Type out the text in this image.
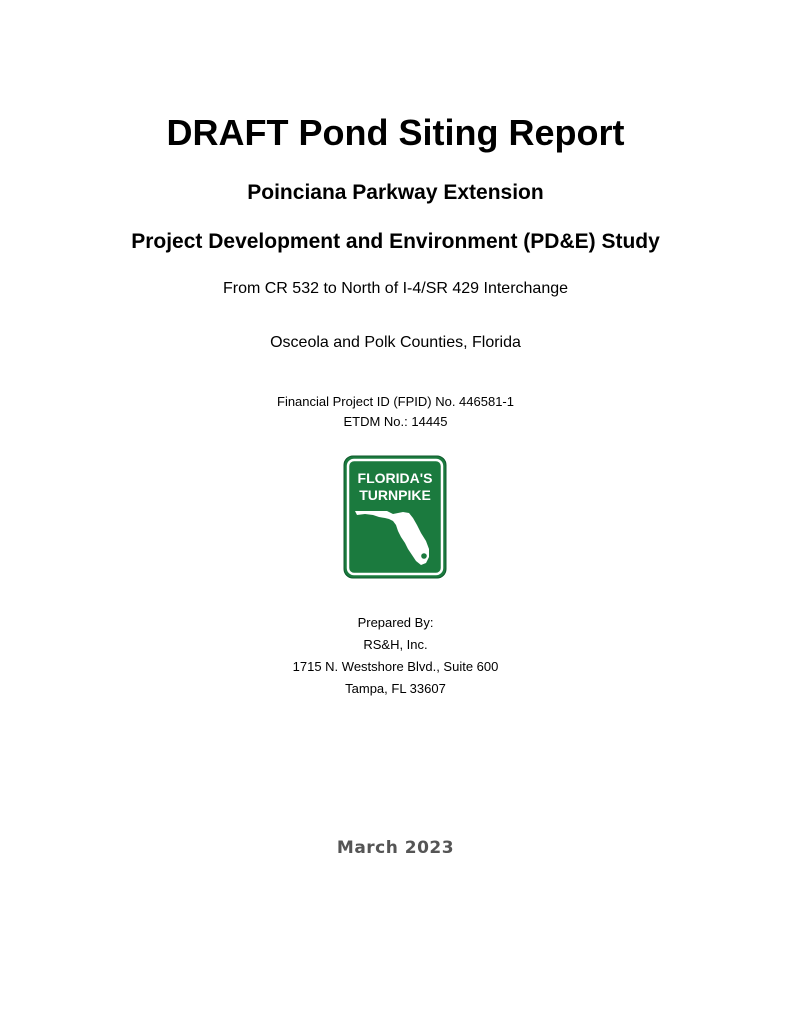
DRAFT Pond Siting Report
Poinciana Parkway Extension
Project Development and Environment (PD&E) Study
From CR 532 to North of I-4/SR 429 Interchange
Osceola and Polk Counties, Florida
Financial Project ID (FPID) No. 446581-1
ETDM No.: 14445
FLORIDA'S
TURNPIKE
Prepared By:
RS&H, Inc.
1715 N. Westshore Blvd., Suite 600
Tampa, FL 33607
March 2023
